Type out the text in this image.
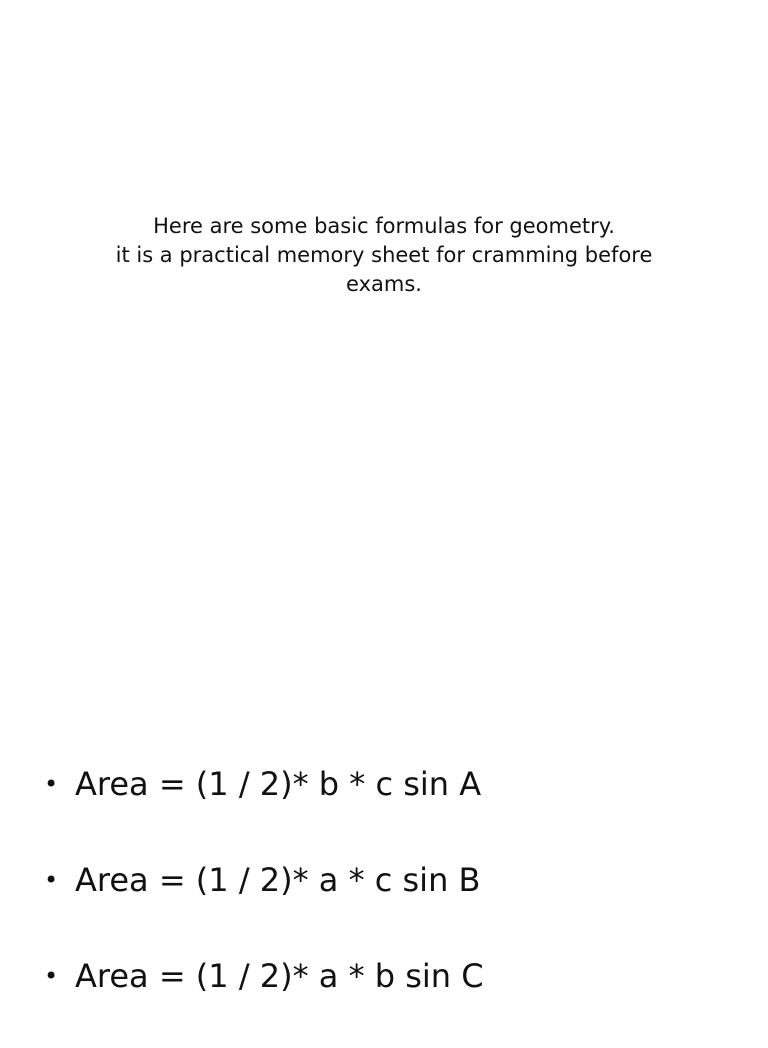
Here are some basic formulas for geometry.
it is a practical memory sheet for cramming before
exams.
• Area = (1 / 2)* b * c sin A
• Area = (1 / 2)* a * c sin B
• Area = (1 / 2)* a * b sin C
